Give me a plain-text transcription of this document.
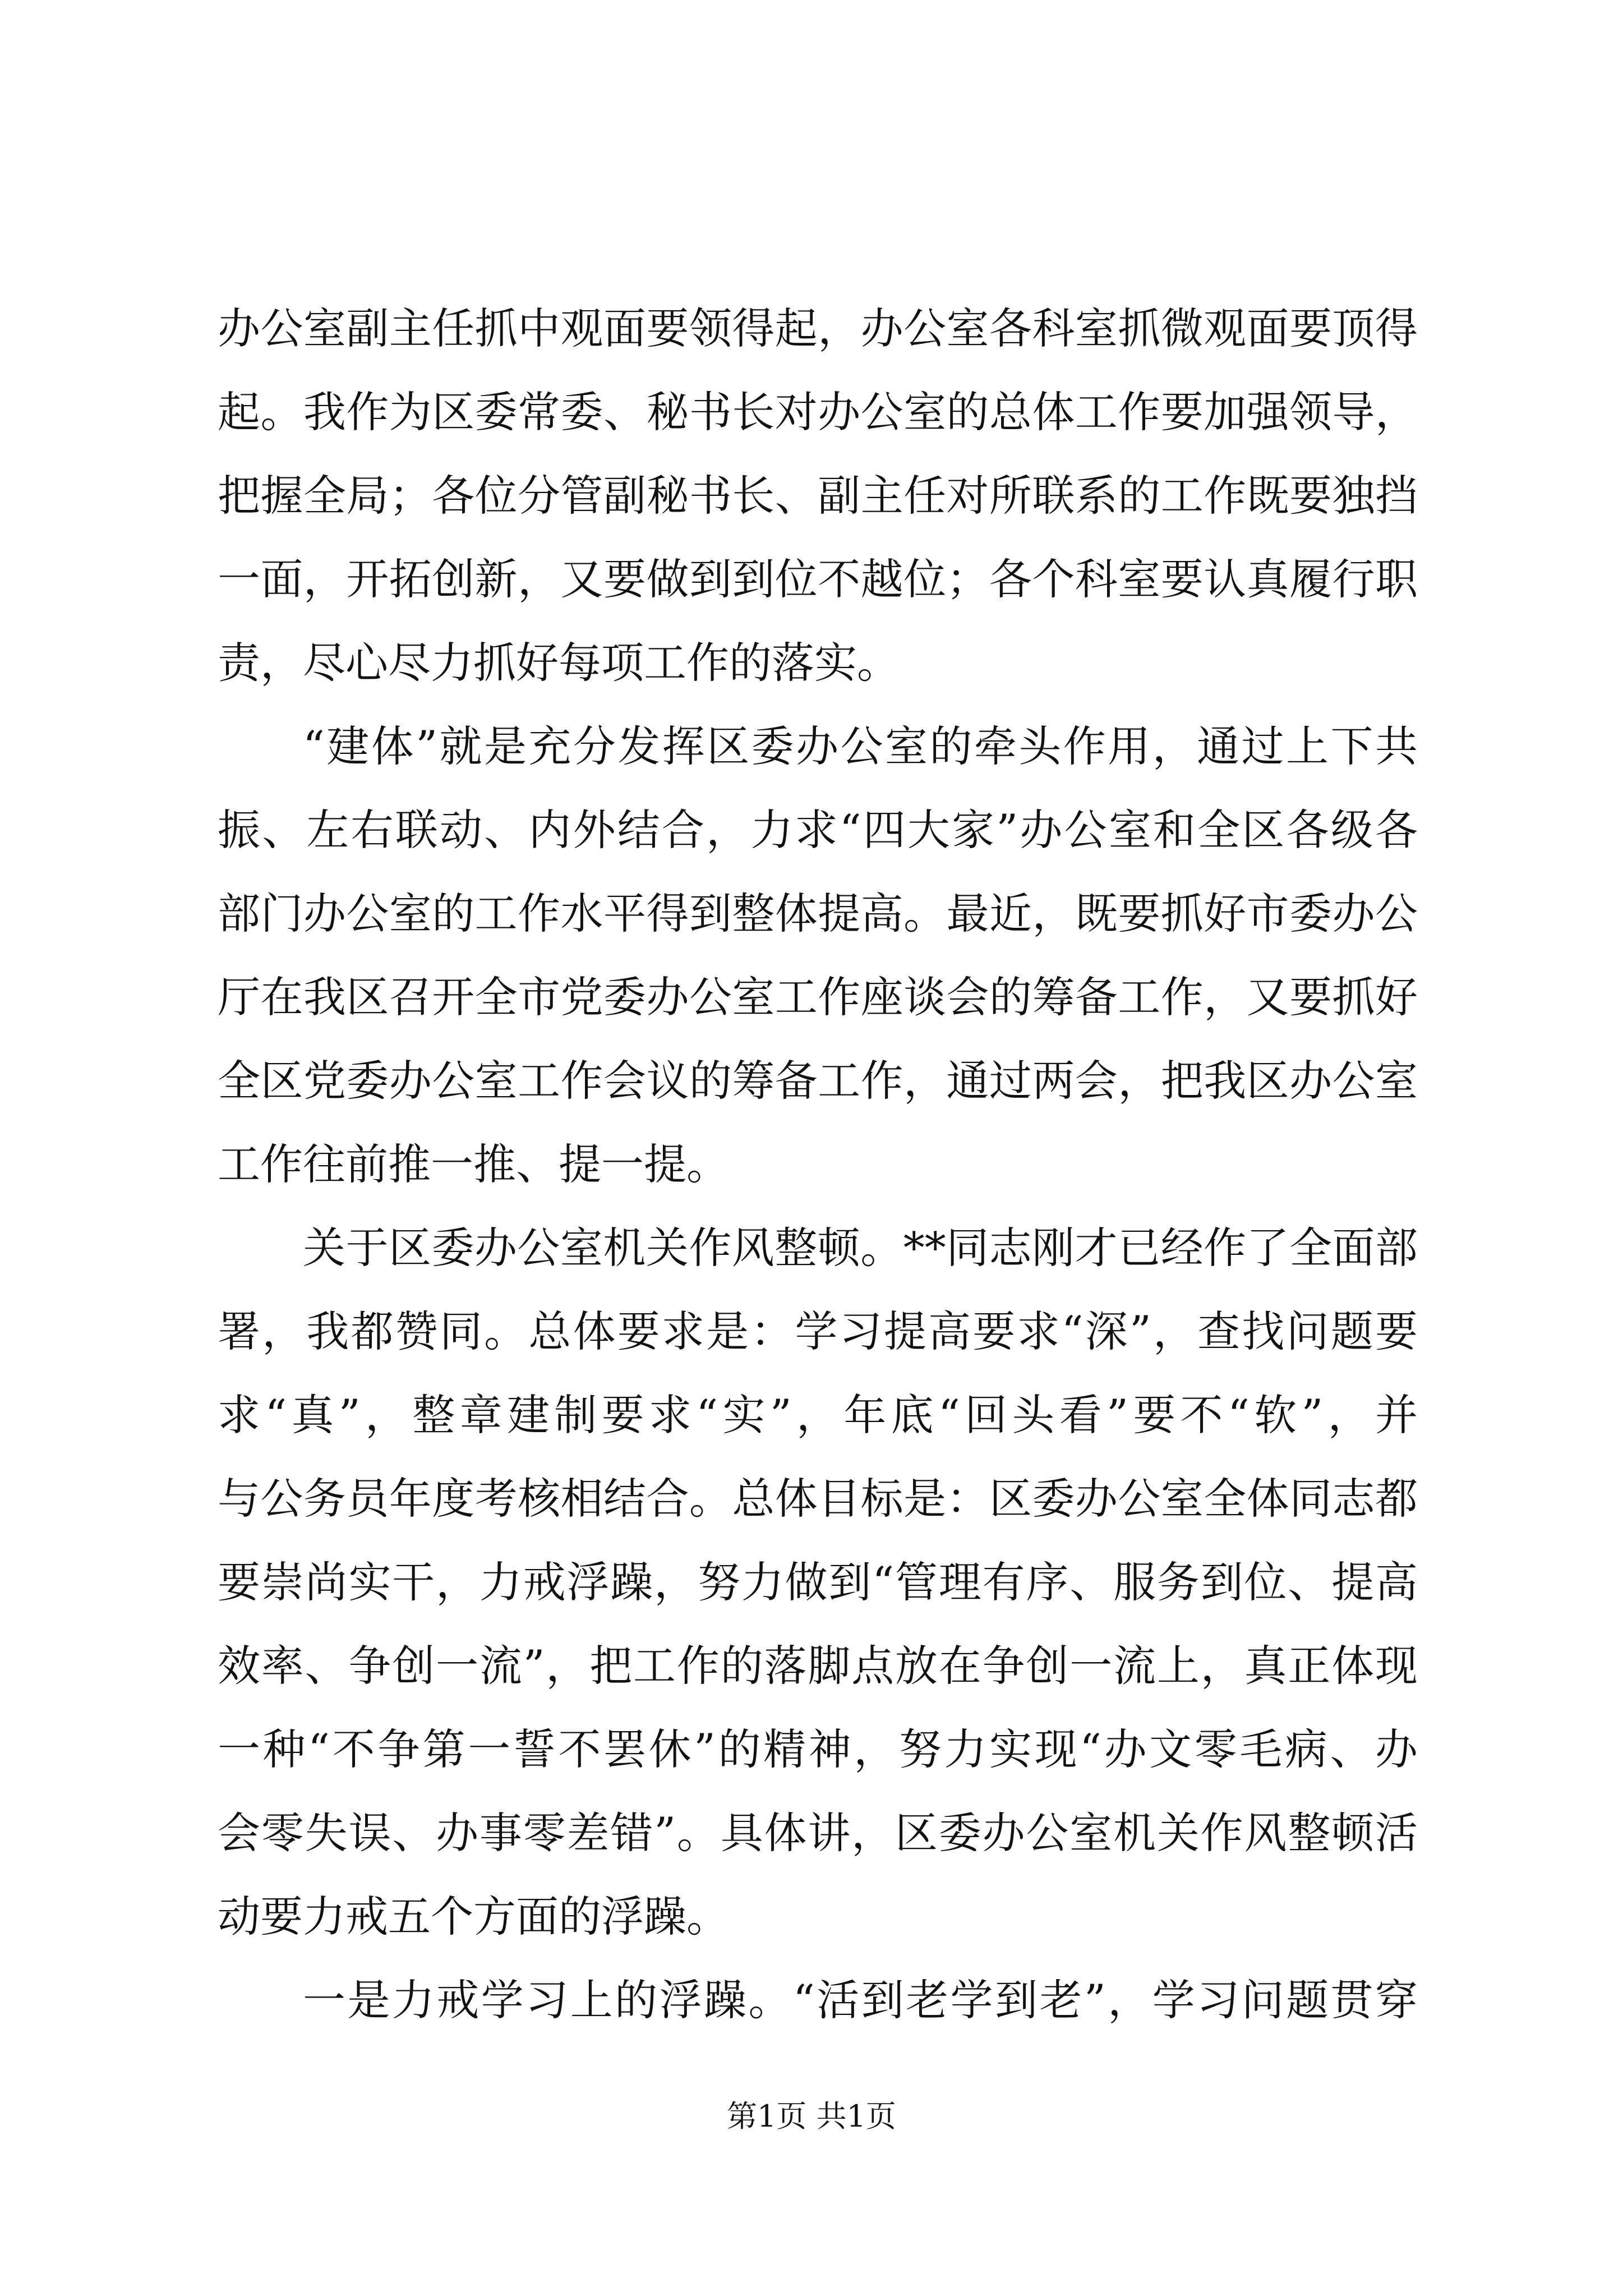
办公室副主任抓中观面要领得起，办公室各科室抓微观面要顶得
起。我作为区委常委、秘书长对办公室的总体工作要加强领导，
把握全局；各位分管副秘书长、副主任对所联系的工作既要独挡
一面，开拓创新，又要做到到位不越位；各个科室要认真履行职
责，尽心尽力抓好每项工作的落实。
“建体”就是充分发挥区委办公室的牵头作用，通过上下共
振、左右联动、内外结合，力求“四大家”办公室和全区各级各
部门办公室的工作水平得到整体提高。最近，既要抓好市委办公
厅在我区召开全市党委办公室工作座谈会的筹备工作，又要抓好
全区党委办公室工作会议的筹备工作，通过两会，把我区办公室
工作往前推一推、提一提。
关于区委办公室机关作风整顿。**同志刚才已经作了全面部
署，我都赞同。总体要求是：学习提高要求“深”，查找问题要
求“真”，整章建制要求“实”，年底“回头看”要不“软”，并
与公务员年度考核相结合。总体目标是：区委办公室全体同志都
要崇尚实干，力戒浮躁，努力做到“管理有序、服务到位、提高
效率、争创一流”，把工作的落脚点放在争创一流上，真正体现
一种“不争第一誓不罢休”的精神，努力实现“办文零毛病、办
会零失误、办事零差错”。具体讲，区委办公室机关作风整顿活
动要力戒五个方面的浮躁。
一是力戒学习上的浮躁。“活到老学到老”，学习问题贯穿
第1页 共1页
